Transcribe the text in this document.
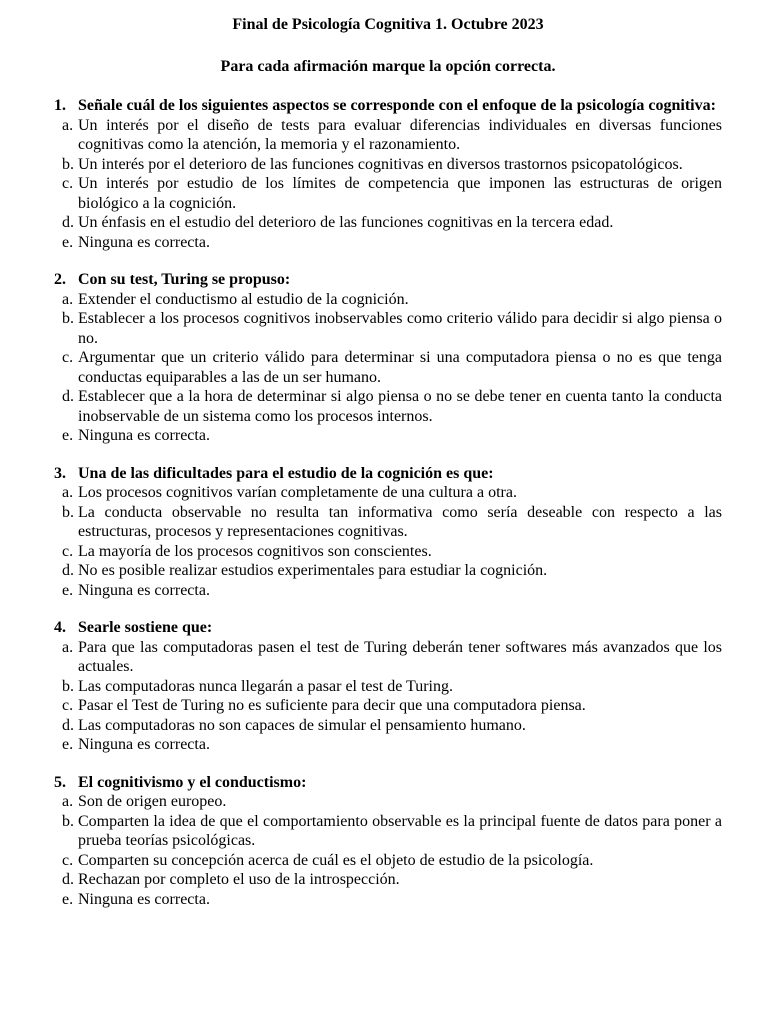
Final de Psicología Cognitiva 1. Octubre 2023
Para cada afirmación marque la opción correcta.
1. Señale cuál de los siguientes aspectos se corresponde con el enfoque de la psicología cognitiva:
a. Un interés por el diseño de tests para evaluar diferencias individuales en diversas funciones cognitivas como la atención, la memoria y el razonamiento.
b. Un interés por el deterioro de las funciones cognitivas en diversos trastornos psicopatológicos.
c. Un interés por estudio de los límites de competencia que imponen las estructuras de origen biológico a la cognición.
d. Un énfasis en el estudio del deterioro de las funciones cognitivas en la tercera edad.
e. Ninguna es correcta.
2. Con su test, Turing se propuso:
a. Extender el conductismo al estudio de la cognición.
b. Establecer a los procesos cognitivos inobservables como criterio válido para decidir si algo piensa o no.
c. Argumentar que un criterio válido para determinar si una computadora piensa o no es que tenga conductas equiparables a las de un ser humano.
d. Establecer que a la hora de determinar si algo piensa o no se debe tener en cuenta tanto la conducta inobservable de un sistema como los procesos internos.
e. Ninguna es correcta.
3. Una de las dificultades para el estudio de la cognición es que:
a. Los procesos cognitivos varían completamente de una cultura a otra.
b. La conducta observable no resulta tan informativa como sería deseable con respecto a las estructuras, procesos y representaciones cognitivas.
c. La mayoría de los procesos cognitivos son conscientes.
d. No es posible realizar estudios experimentales para estudiar la cognición.
e. Ninguna es correcta.
4. Searle sostiene que:
a. Para que las computadoras pasen el test de Turing deberán tener softwares más avanzados que los actuales.
b. Las computadoras nunca llegarán a pasar el test de Turing.
c. Pasar el Test de Turing no es suficiente para decir que una computadora piensa.
d. Las computadoras no son capaces de simular el pensamiento humano.
e. Ninguna es correcta.
5. El cognitivismo y el conductismo:
a. Son de origen europeo.
b. Comparten la idea de que el comportamiento observable es la principal fuente de datos para poner a prueba teorías psicológicas.
c. Comparten su concepción acerca de cuál es el objeto de estudio de la psicología.
d. Rechazan por completo el uso de la introspección.
e. Ninguna es correcta.
